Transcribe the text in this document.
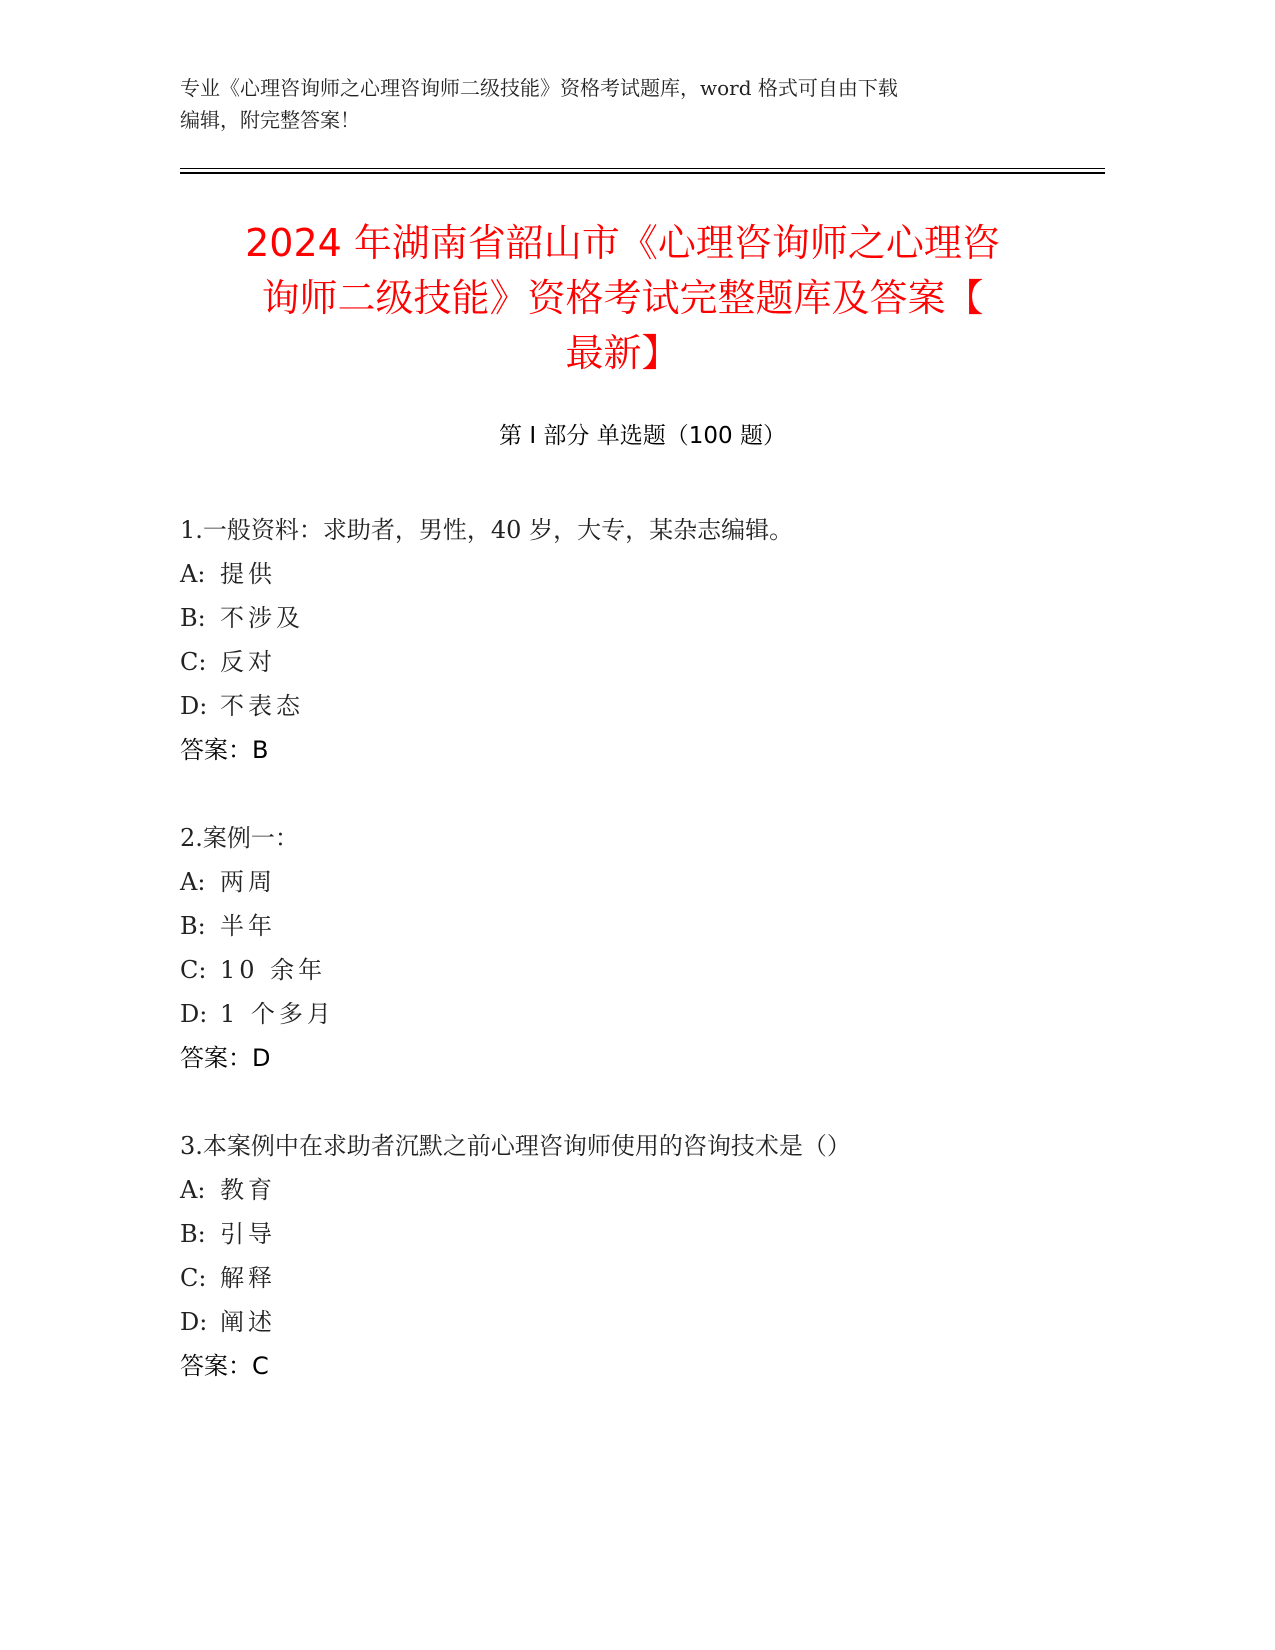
专业《心理咨询师之心理咨询师二级技能》资格考试题库，word 格式可自由下载
编辑，附完整答案！
2024 年湖南省韶山市《心理咨询师之心理咨
询师二级技能》资格考试完整题库及答案【
最新】
第 I 部分 单选题（100 题）
1.一般资料：求助者，男性，40 岁，大专，某杂志编辑。
A: 提供
B: 不涉及
C: 反对
D: 不表态
答案：B
2.案例一：
A: 两周
B: 半年
C: 10 余年
D: 1 个多月
答案：D
3.本案例中在求助者沉默之前心理咨询师使用的咨询技术是（）
A: 教育
B: 引导
C: 解释
D: 阐述
答案：C
